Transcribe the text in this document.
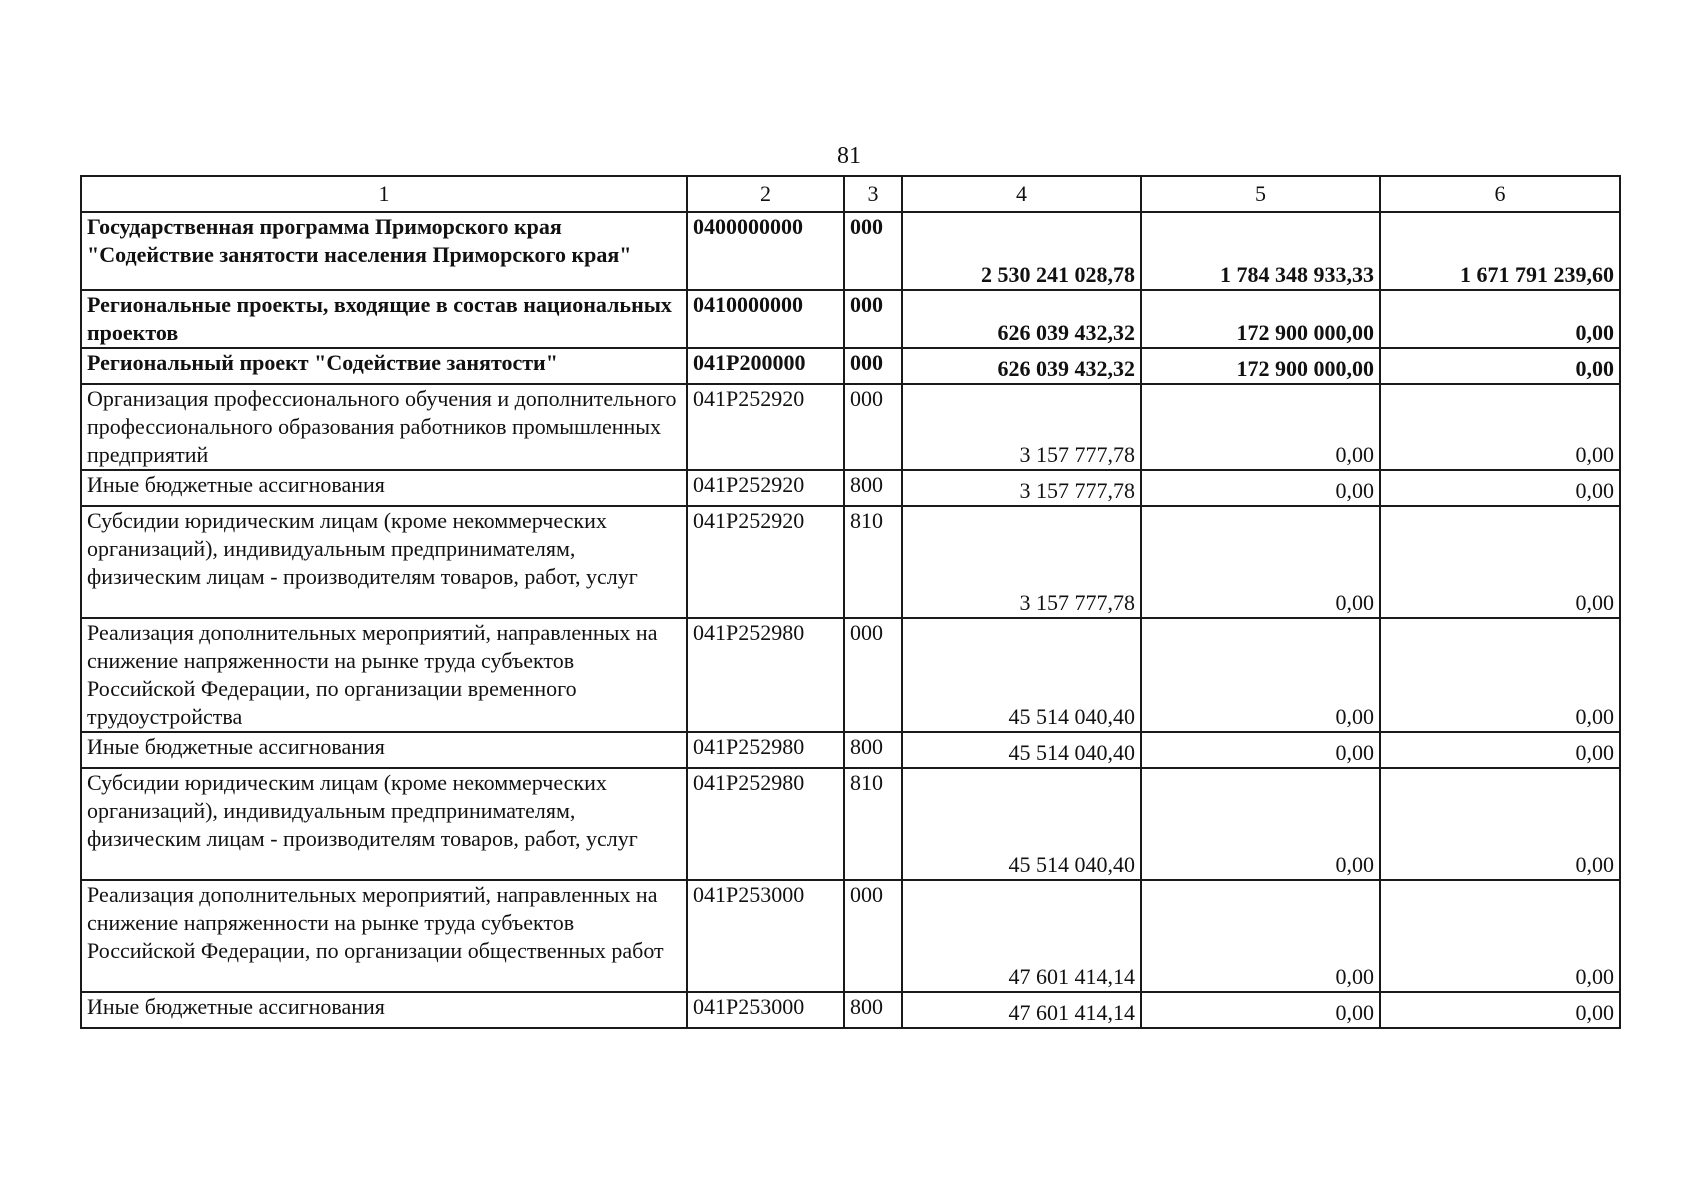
81
1	2	3	4	5	6
Государственная программа Приморского края "Содействие занятости населения Приморского края"	0400000000	000	2 530 241 028,78	1 784 348 933,33	1 671 791 239,60
Региональные проекты, входящие в состав национальных проектов	0410000000	000	626 039 432,32	172 900 000,00	0,00
Региональный проект "Содействие занятости"	041P200000	000	626 039 432,32	172 900 000,00	0,00
Организация профессионального обучения и дополнительного профессионального образования работников промышленных предприятий	041P252920	000	3 157 777,78	0,00	0,00
Иные бюджетные ассигнования	041P252920	800	3 157 777,78	0,00	0,00
Субсидии юридическим лицам (кроме некоммерческих организаций), индивидуальным предпринимателям, физическим лицам - производителям товаров, работ, услуг	041P252920	810	3 157 777,78	0,00	0,00
Реализация дополнительных мероприятий, направленных на снижение напряженности на рынке труда субъектов Российской Федерации, по организации временного трудоустройства	041P252980	000	45 514 040,40	0,00	0,00
Иные бюджетные ассигнования	041P252980	800	45 514 040,40	0,00	0,00
Субсидии юридическим лицам (кроме некоммерческих организаций), индивидуальным предпринимателям, физическим лицам - производителям товаров, работ, услуг	041P252980	810	45 514 040,40	0,00	0,00
Реализация дополнительных мероприятий, направленных на снижение напряженности на рынке труда субъектов Российской Федерации, по организации общественных работ	041P253000	000	47 601 414,14	0,00	0,00
Иные бюджетные ассигнования	041P253000	800	47 601 414,14	0,00	0,00
